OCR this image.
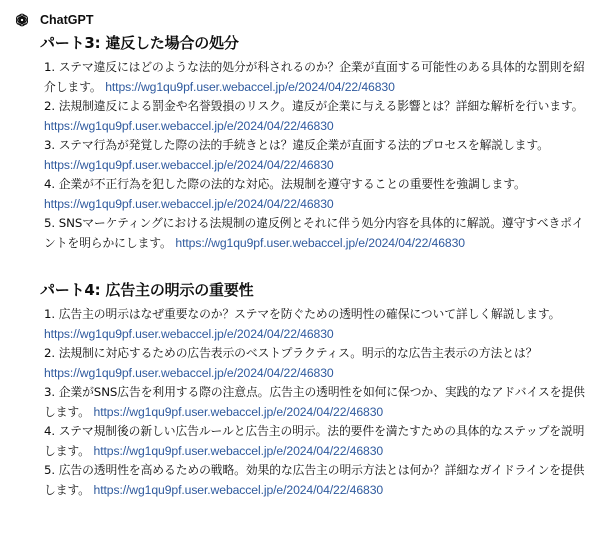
ChatGPT
パート3: 違反した場合の処分
1. ステマ違反にはどのような法的処分が科されるのか？企業が直面する可能性のある具体的な罰則を紹介します。 https://wg1qu9pf.user.webaccel.jp/e/2024/04/22/46830
2. 法規制違反による罰金や名誉毀損のリスク。違反が企業に与える影響とは？詳細な解析を行います。 https://wg1qu9pf.user.webaccel.jp/e/2024/04/22/46830
3. ステマ行為が発覚した際の法的手続きとは？違反企業が直面する法的プロセスを解説します。 https://wg1qu9pf.user.webaccel.jp/e/2024/04/22/46830
4. 企業が不正行為を犯した際の法的な対応。法規制を遵守することの重要性を強調します。 https://wg1qu9pf.user.webaccel.jp/e/2024/04/22/46830
5. SNSマーケティングにおける法規制の違反例とそれに伴う処分内容を具体的に解説。遵守すべきポイントを明らかにします。 https://wg1qu9pf.user.webaccel.jp/e/2024/04/22/46830
パート4: 広告主の明示の重要性
1. 広告主の明示はなぜ重要なのか？ステマを防ぐための透明性の確保について詳しく解説します。 https://wg1qu9pf.user.webaccel.jp/e/2024/04/22/46830
2. 法規制に対応するための広告表示のベストプラクティス。明示的な広告主表示の方法とは？ https://wg1qu9pf.user.webaccel.jp/e/2024/04/22/46830
3. 企業がSNS広告を利用する際の注意点。広告主の透明性を如何に保つか、実践的なアドバイスを提供します。 https://wg1qu9pf.user.webaccel.jp/e/2024/04/22/46830
4. ステマ規制後の新しい広告ルールと広告主の明示。法的要件を満たすための具体的なステップを説明します。 https://wg1qu9pf.user.webaccel.jp/e/2024/04/22/46830
5. 広告の透明性を高めるための戦略。効果的な広告主の明示方法とは何か？詳細なガイドラインを提供します。 https://wg1qu9pf.user.webaccel.jp/e/2024/04/22/46830
